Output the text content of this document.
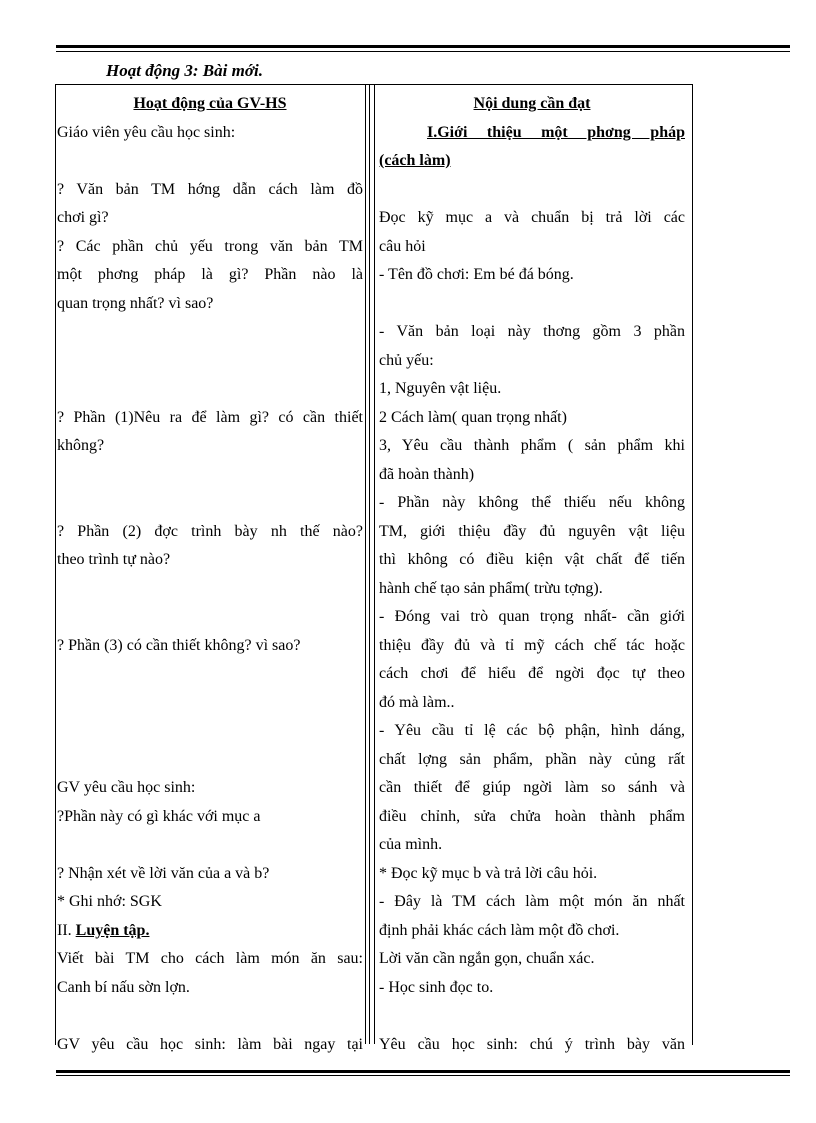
Hoạt động 3: Bài mới.
Hoạt động của GV-HS
Giáo viên yêu cầu học sinh:
? Văn bản TM hớng dẫn cách làm đồ
chơi gì?
? Các phần chủ yếu trong văn bản TM
một phơng pháp là gì? Phần nào là
quan trọng nhất? vì sao?
? Phần (1)Nêu ra để làm gì? có cần thiết
không?
? Phần (2) đợc trình bày nh thế nào?
theo trình tự nào?
? Phần (3) có cần thiết không? vì sao?
GV yêu cầu học sinh:
?Phần này có gì khác với mục a
? Nhận xét về lời văn của a và b?
* Ghi nhớ: SGK
II. Luyện tập.
Viết bài TM cho cách làm món ăn sau:
Canh bí nấu sờn lợn.
GV yêu cầu học sinh: làm bài ngay tại
Nội dung cần đạt
I.Giới thiệu một phơng pháp
(cách làm)
Đọc kỹ mục a và chuẩn bị trả lời các
câu hỏi
- Tên đồ chơi: Em bé đá bóng.
- Văn bản loại này thơng gồm 3 phần
chủ yếu:
1, Nguyên vật liệu.
2 Cách làm( quan trọng nhất)
3, Yêu cầu thành phẩm ( sản phẩm khi
đã hoàn thành)
- Phần này không thể thiếu nếu không
TM, giới thiệu đầy đủ nguyên vật liệu
thì không có điều kiện vật chất để tiến
hành chế tạo sản phẩm( trừu tợng).
- Đóng vai trò quan trọng nhất- cần giới
thiệu đầy đủ và tỉ mỹ cách chế tác hoặc
cách chơi để hiểu để ngời đọc tự theo
đó mà làm..
- Yêu cầu tỉ lệ các bộ phận, hình dáng,
chất lợng sản phẩm, phần này củng rất
cần thiết để giúp ngời làm so sánh và
điều chỉnh, sửa chửa hoàn thành phẩm
của mình.
* Đọc kỹ mục b và trả lời câu hỏi.
- Đây là TM cách làm một món ăn nhất
định phải khác cách làm một đồ chơi.
Lời văn cần ngắn gọn, chuẩn xác.
- Học sinh đọc to.
Yêu cầu học sinh: chú ý trình bày văn
